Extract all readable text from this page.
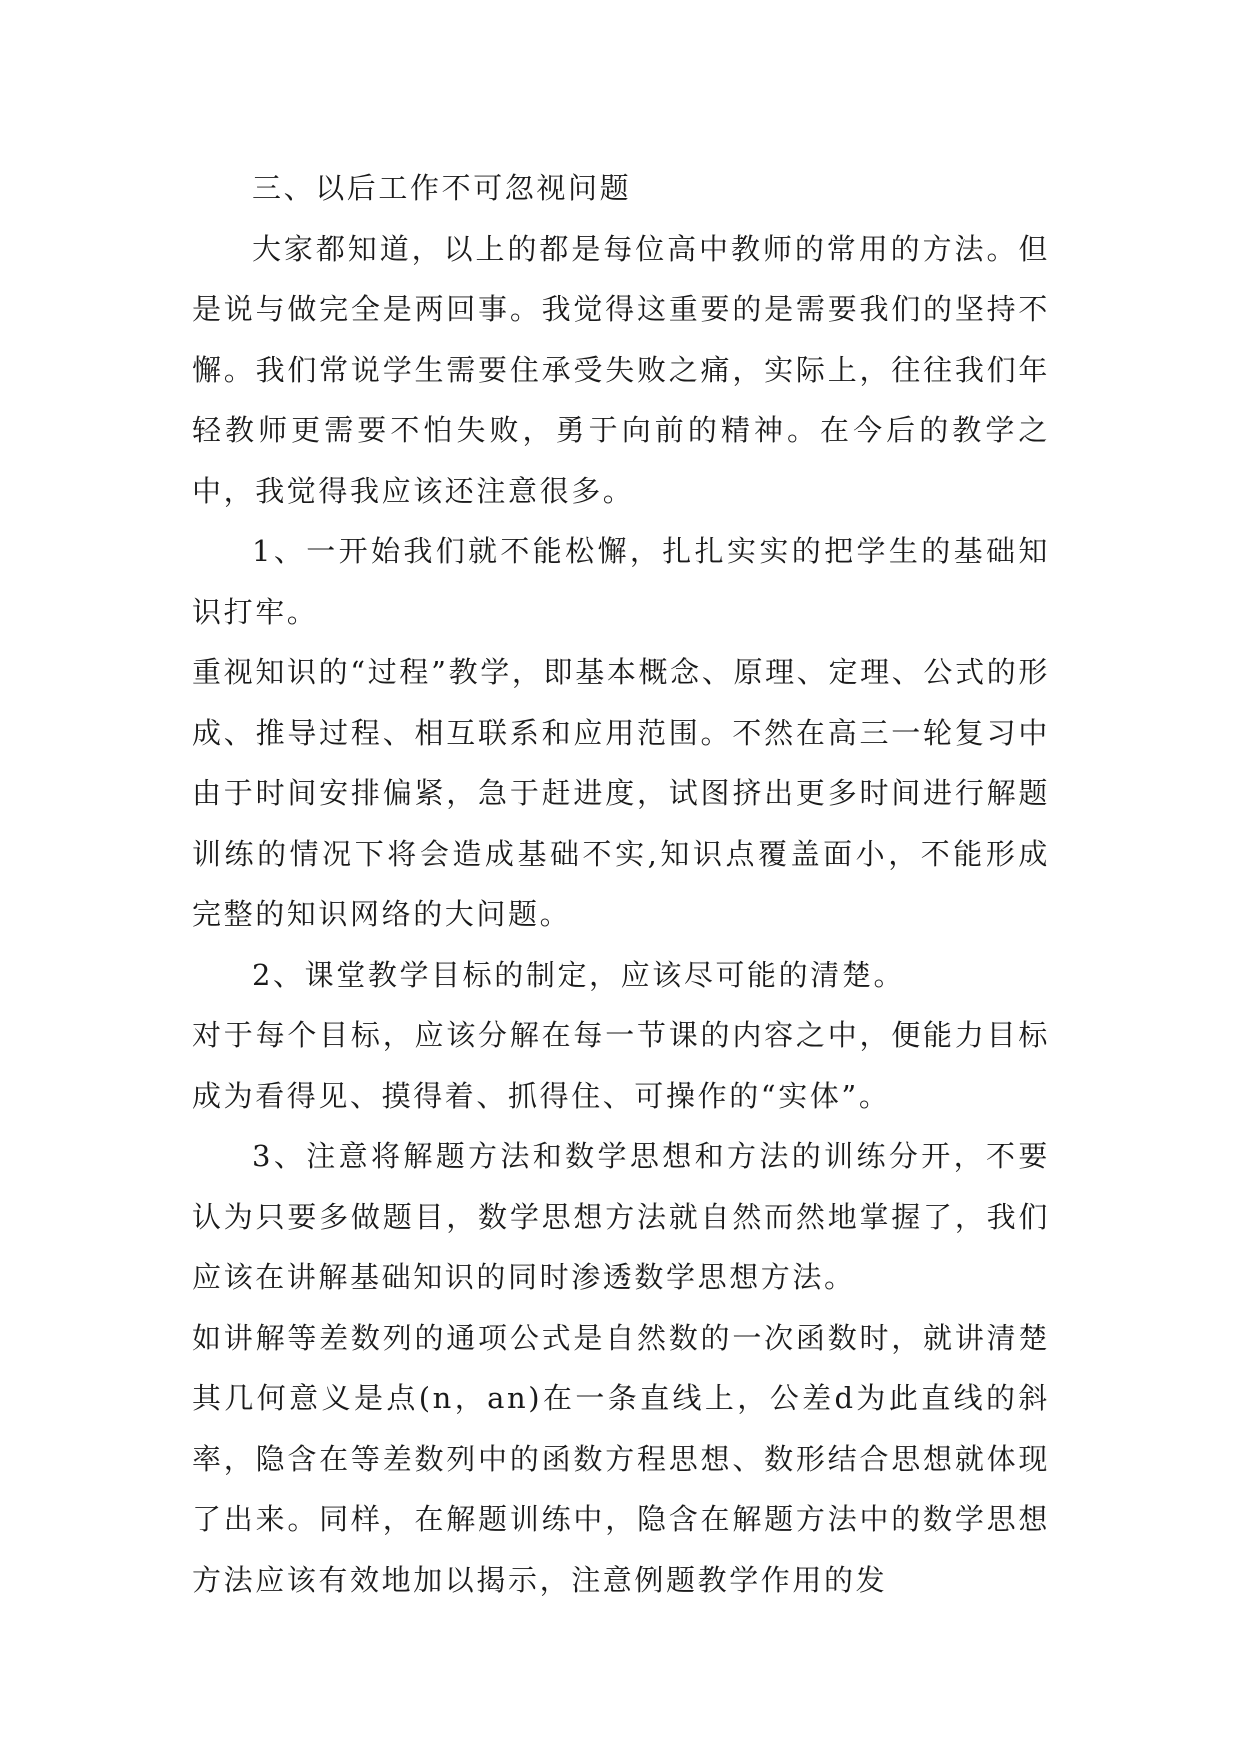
三、以后工作不可忽视问题

大家都知道，以上的都是每位高中教师的常用的方法。但是说与做完全是两回事。我觉得这重要的是需要我们的坚持不懈。我们常说学生需要住承受失败之痛，实际上，往往我们年轻教师更需要不怕失败，勇于向前的精神。在今后的教学之中，我觉得我应该还注意很多。

1、一开始我们就不能松懈，扎扎实实的把学生的基础知识打牢。

重视知识的“过程”教学，即基本概念、原理、定理、公式的形成、推导过程、相互联系和应用范围。不然在高三一轮复习中由于时间安排偏紧，急于赶进度，试图挤出更多时间进行解题训练的情况下将会造成基础不实,知识点覆盖面小，不能形成完整的知识网络的大问题。

2、课堂教学目标的制定，应该尽可能的清楚。

对于每个目标，应该分解在每一节课的内容之中，便能力目标成为看得见、摸得着、抓得住、可操作的“实体”。

3、注意将解题方法和数学思想和方法的训练分开，不要认为只要多做题目，数学思想方法就自然而然地掌握了，我们应该在讲解基础知识的同时渗透数学思想方法。

如讲解等差数列的通项公式是自然数的一次函数时，就讲清楚其几何意义是点(n，an)在一条直线上，公差d为此直线的斜率，隐含在等差数列中的函数方程思想、数形结合思想就体现了出来。同样，在解题训练中，隐含在解题方法中的数学思想方法应该有效地加以揭示，注意例题教学作用的发
